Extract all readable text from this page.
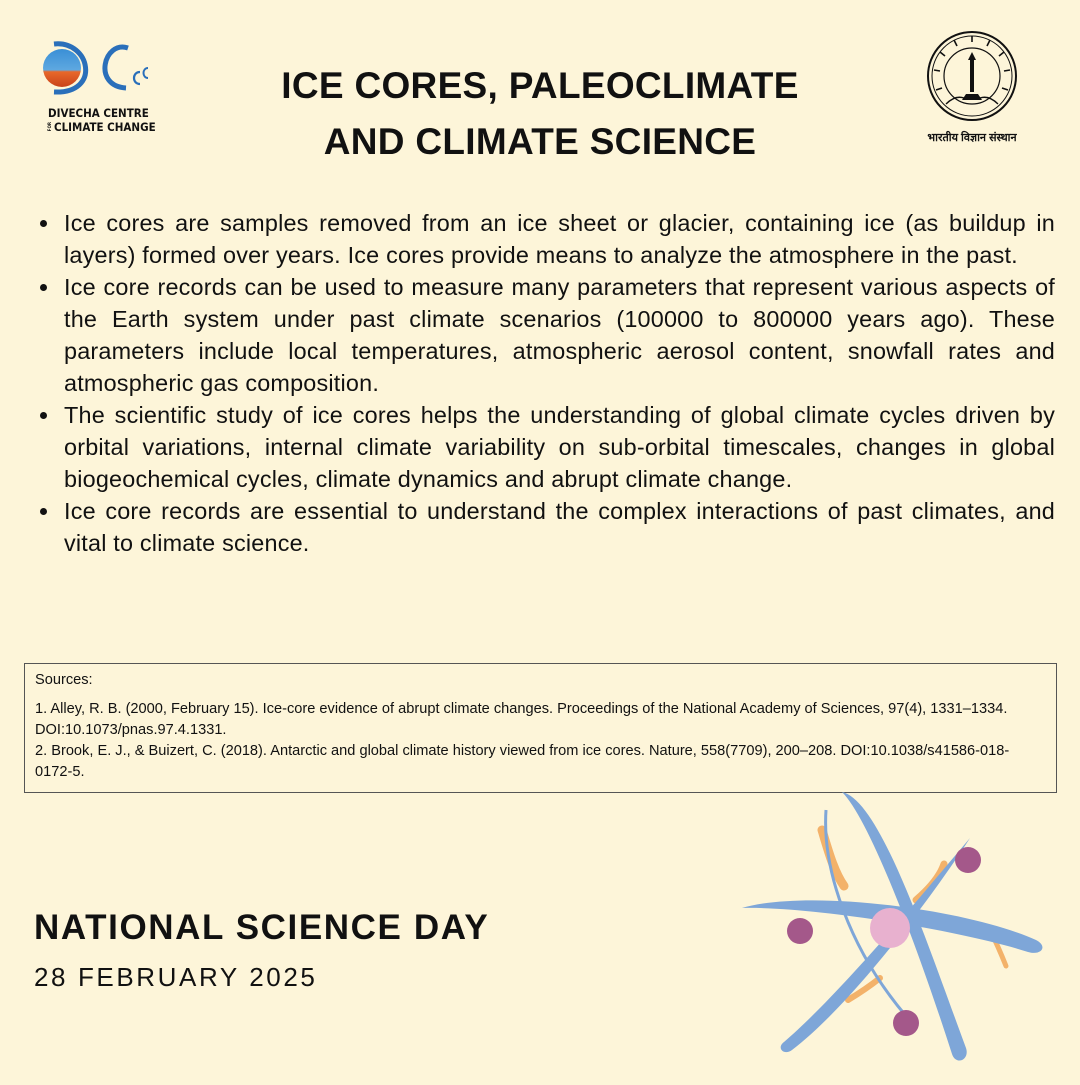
DIVECHA CENTRE
FOR CLIMATE CHANGE
ICE CORES, PALEOCLIMATE
AND CLIMATE SCIENCE	भारतीय विज्ञान संस्थान
Ice cores are samples removed from an ice sheet or glacier, containing ice (as buildup in layers) formed over years. Ice cores provide means to analyze the atmosphere in the past.
Ice core records can be used to measure many parameters that represent various aspects of the Earth system under past climate scenarios (100000 to 800000 years ago). These parameters include local temperatures, atmospheric aerosol content, snowfall rates and atmospheric gas composition.
The scientific study of ice cores helps the understanding of global climate cycles driven by orbital variations, internal climate variability on sub-orbital timescales, changes in global biogeochemical cycles, climate dynamics and abrupt climate change.
Ice core records are essential to understand the complex interactions of past climates, and vital to climate science.
Sources:
1. Alley, R. B. (2000, February 15). Ice-core evidence of abrupt climate changes. Proceedings of the National Academy of Sciences, 97(4), 1331–1334. DOI:10.1073/pnas.97.4.1331.
2. Brook, E. J., & Buizert, C. (2018). Antarctic and global climate history viewed from ice cores. Nature, 558(7709), 200–208. DOI:10.1038/s41586-018-0172-5.
NATIONAL SCIENCE DAY
28 FEBRUARY 2025
